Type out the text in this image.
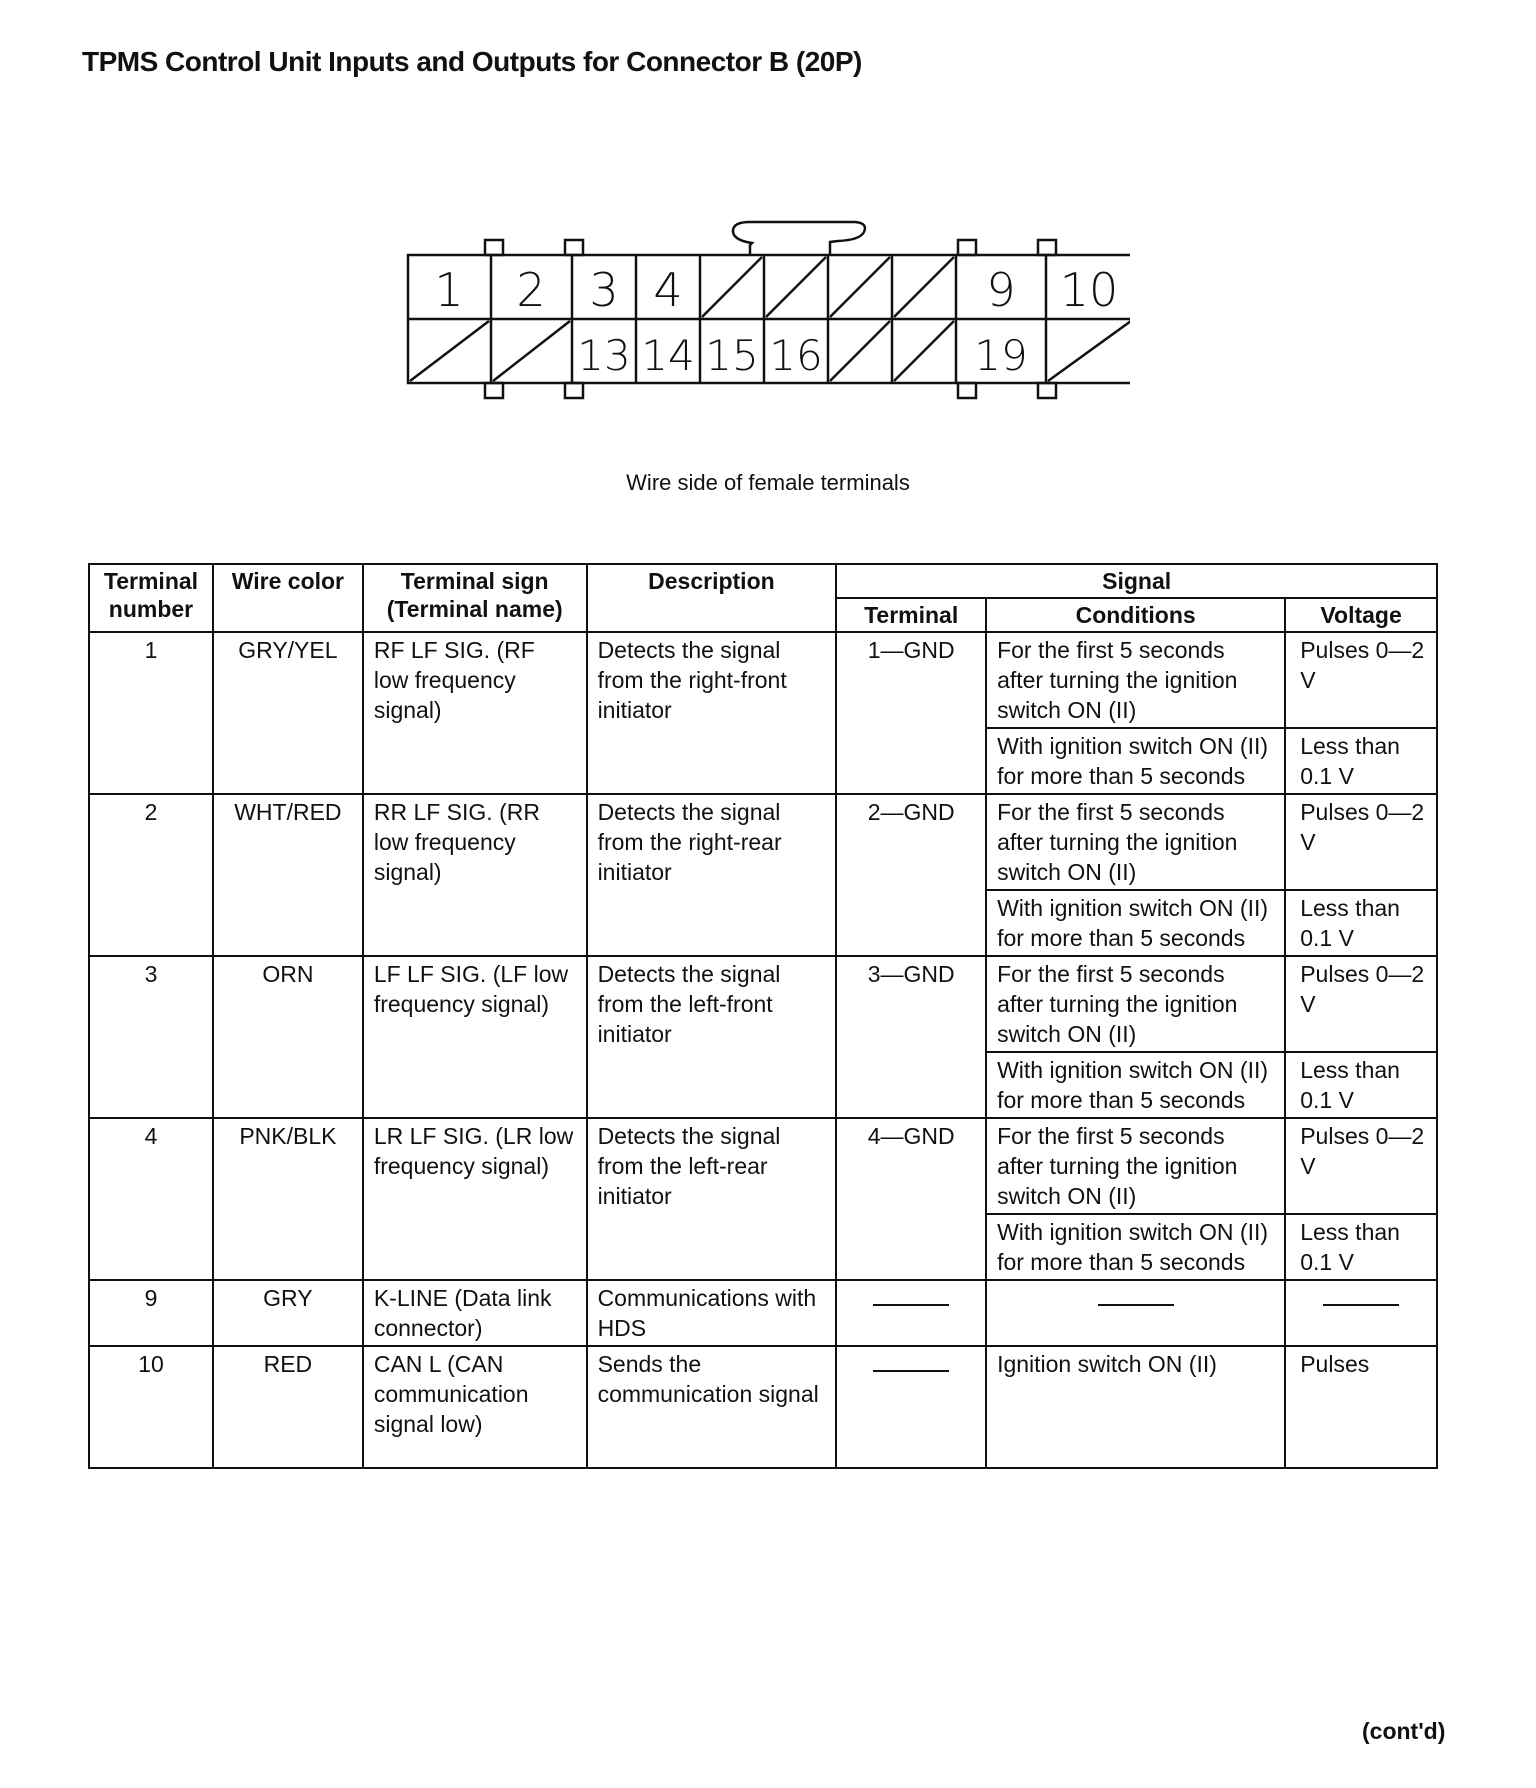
TPMS Control Unit Inputs and Outputs for Connector B (20P)
1 2 3 4	9 10
13 14 15 16	19
Wire side of female terminals
Terminal number	Wire color	Terminal sign (Terminal name)	Description	Signal		
				Terminal	Conditions	Voltage
1	GRY/YEL	RF LF SIG. (RF low frequency signal)	Detects the signal from the right-front initiator	1—GND	For the first 5 seconds after turning the ignition switch ON (II)	Pulses 0—2 V
					With ignition switch ON (II) for more than 5 seconds	Less than 0.1 V
2	WHT/RED	RR LF SIG. (RR low frequency signal)	Detects the signal from the right-rear initiator	2—GND	For the first 5 seconds after turning the ignition switch ON (II)	Pulses 0—2 V
					With ignition switch ON (II) for more than 5 seconds	Less than 0.1 V
3	ORN	LF LF SIG. (LF low frequency signal)	Detects the signal from the left-front initiator	3—GND	For the first 5 seconds after turning the ignition switch ON (II)	Pulses 0—2 V
					With ignition switch ON (II) for more than 5 seconds	Less than 0.1 V
4	PNK/BLK	LR LF SIG. (LR low frequency signal)	Detects the signal from the left-rear initiator	4—GND	For the first 5 seconds after turning the ignition switch ON (II)	Pulses 0—2 V
					With ignition switch ON (II) for more than 5 seconds	Less than 0.1 V
9	GRY	K-LINE (Data link connector)	Communications with HDS			
10	RED	CAN L (CAN communication signal low)	Sends the communication signal		Ignition switch ON (II)	Pulses
(cont'd)
